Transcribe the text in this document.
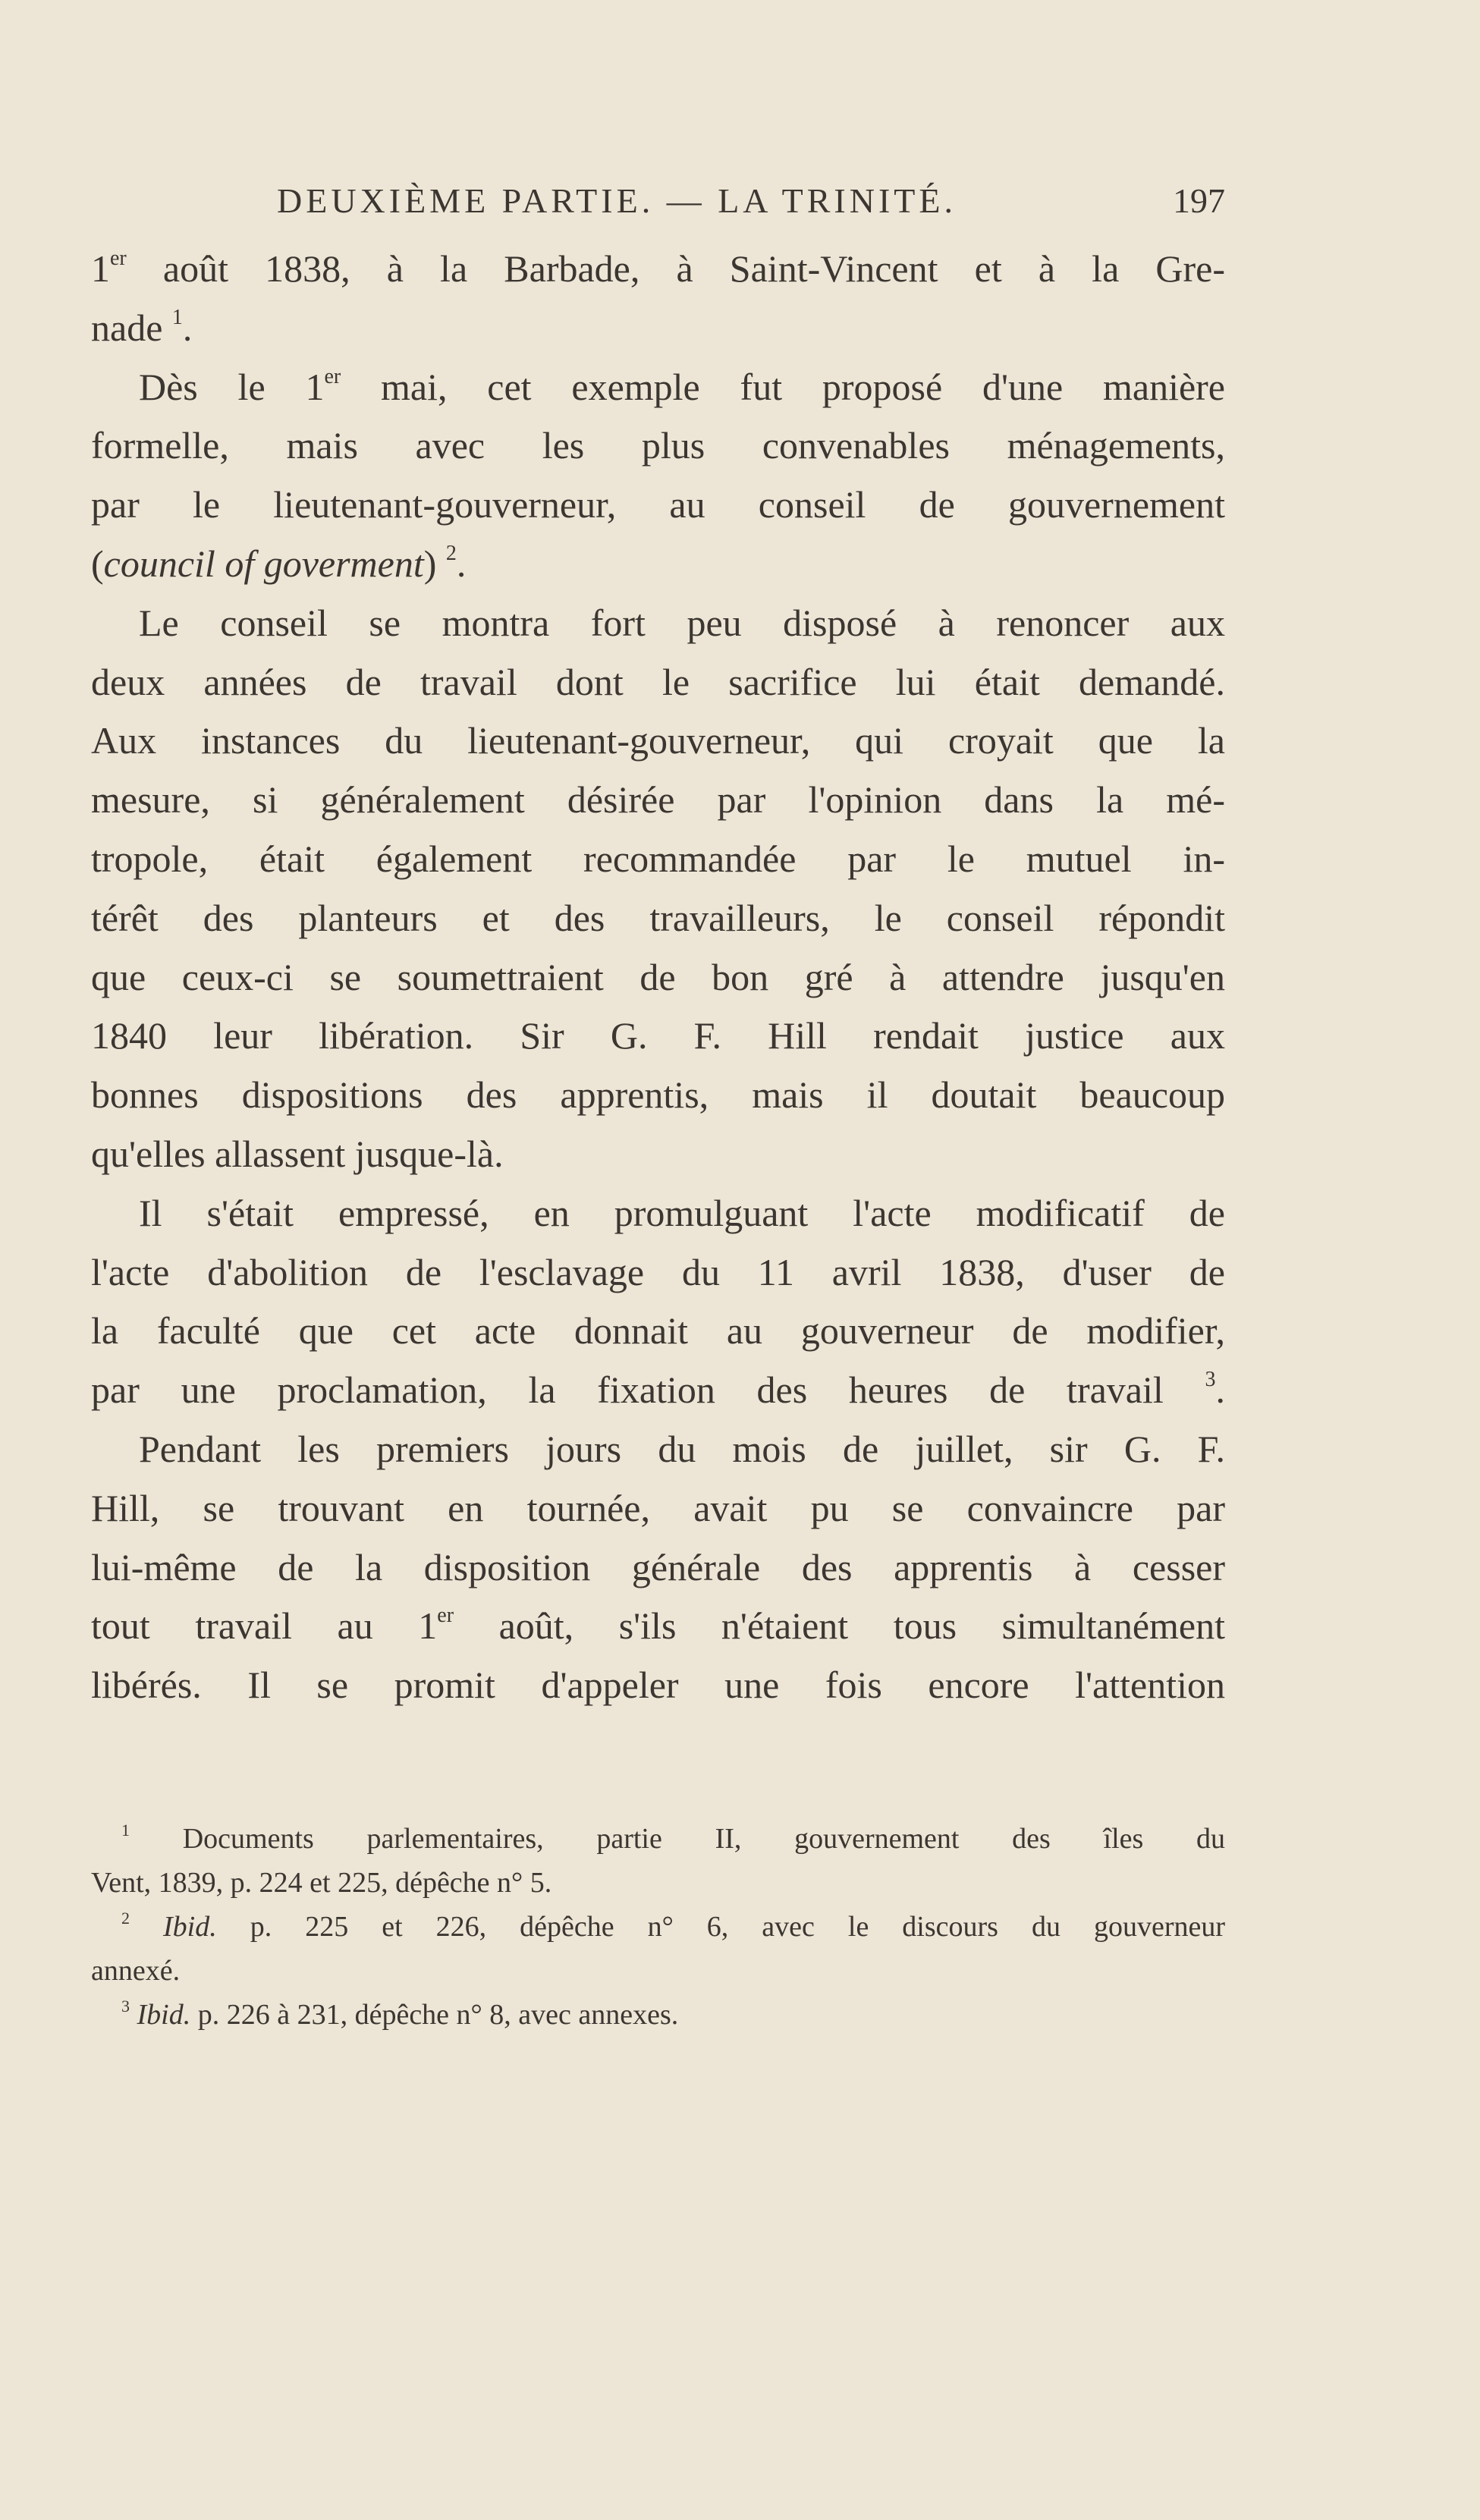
DEUXIÈME PARTIE. — LA TRINITÉ.	197
1er août 1838, à la Barbade, à Saint-Vincent et à la Gre-
nade $^1$.
Dès le 1er mai, cet exemple fut proposé d'une manière
formelle, mais avec les plus convenables ménagements,
par le lieutenant-gouverneur, au conseil de gouvernement
(council of goverment) $^2$.
Le conseil se montra fort peu disposé à renoncer aux
deux années de travail dont le sacrifice lui était demandé.
Aux instances du lieutenant-gouverneur, qui croyait que la
mesure, si généralement désirée par l'opinion dans la mé-
tropole, était également recommandée par le mutuel in-
térêt des planteurs et des travailleurs, le conseil répondit
que ceux-ci se soumettraient de bon gré à attendre jusqu'en
1840 leur libération. Sir G. F. Hill rendait justice aux
bonnes dispositions des apprentis, mais il doutait beaucoup
qu'elles allassent jusque-là.
Il s'était empressé, en promulguant l'acte modificatif de
l'acte d'abolition de l'esclavage du 11 avril 1838, d'user de
la faculté que cet acte donnait au gouverneur de modifier,
par une proclamation, la fixation des heures de travail $^3$.
Pendant les premiers jours du mois de juillet, sir G. F.
Hill, se trouvant en tournée, avait pu se convaincre par
lui-même de la disposition générale des apprentis à cesser
tout travail au 1er août, s'ils n'étaient tous simultanément
libérés. Il se promit d'appeler une fois encore l'attention
$^1$ Documents parlementaires, partie II, gouvernement des îles du
Vent, 1839, p. 224 et 225, dépêche n° 5.
$^2$ Ibid. p. 225 et 226, dépêche n° 6, avec le discours du gouverneur
annexé.
$^3$ Ibid. p. 226 à 231, dépêche n° 8, avec annexes.
